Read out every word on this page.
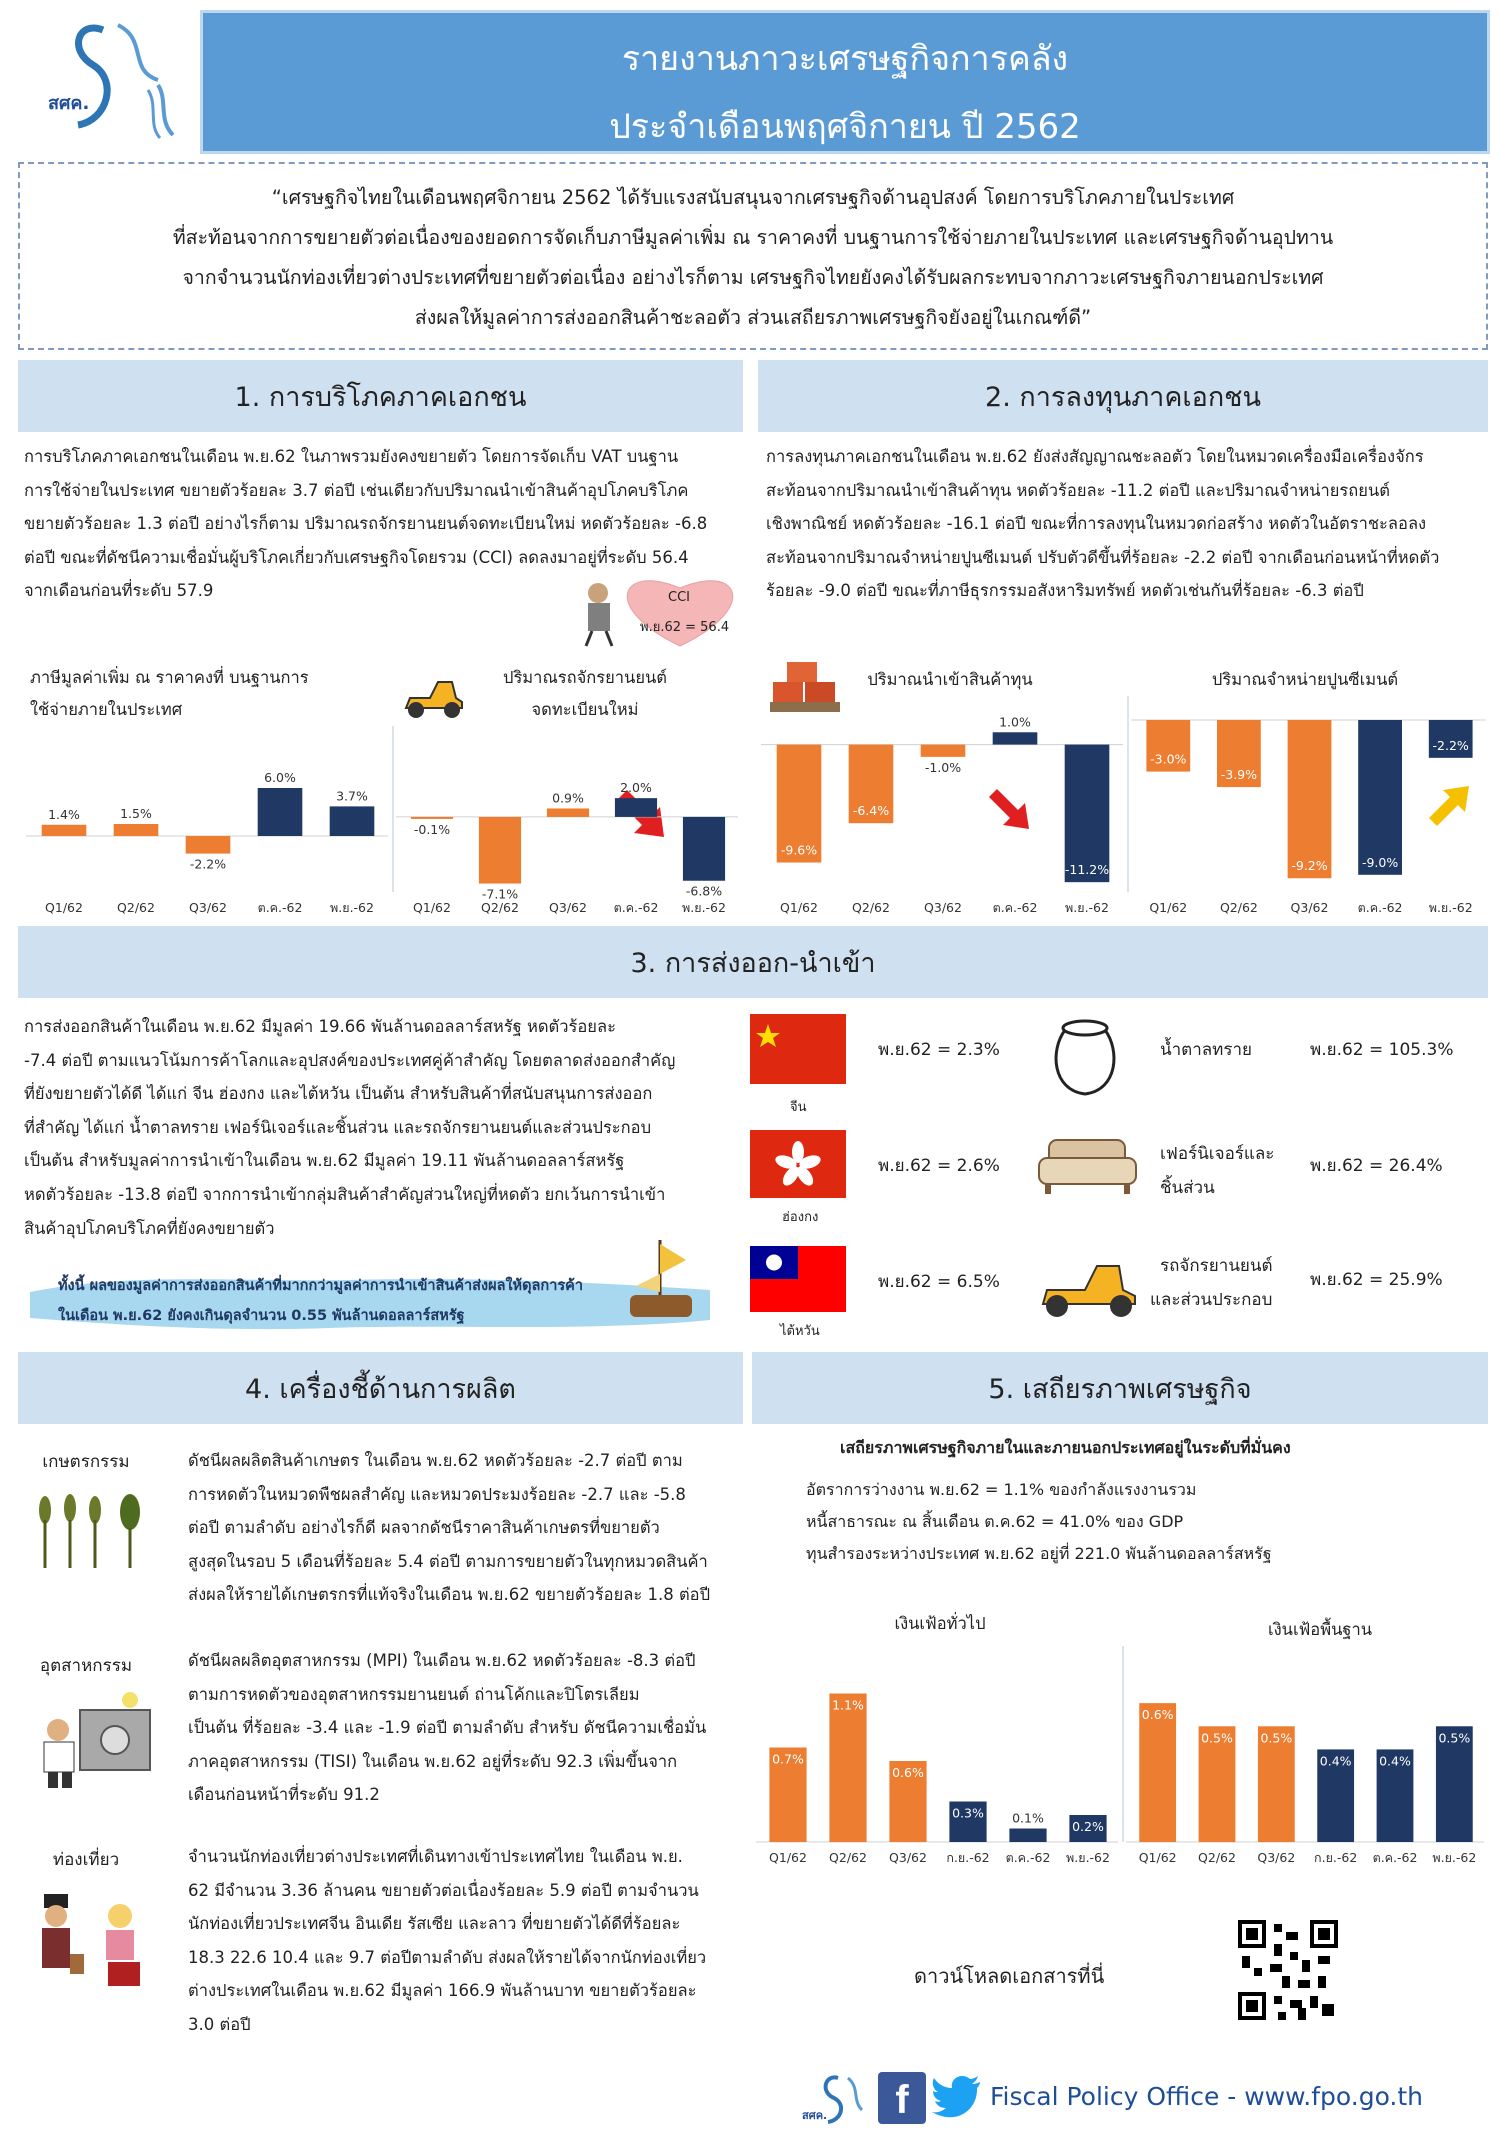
สศค.
รายงานภาวะเศรษฐกิจการคลัง
ประจำเดือนพฤศจิกายน ปี 2562

“เศรษฐกิจไทยในเดือนพฤศจิกายน 2562 ได้รับแรงสนับสนุนจากเศรษฐกิจด้านอุปสงค์ โดยการบริโภคภายในประเทศ

ที่สะท้อนจากการขยายตัวต่อเนื่องของยอดการจัดเก็บภาษีมูลค่าเพิ่ม ณ ราคาคงที่ บนฐานการใช้จ่ายภายในประเทศ และเศรษฐกิจด้านอุปทาน

จากจำนวนนักท่องเที่ยวต่างประเทศที่ขยายตัวต่อเนื่อง อย่างไรก็ตาม เศรษฐกิจไทยยังคงได้รับผลกระทบจากภาวะเศรษฐกิจภายนอกประเทศ

ส่งผลให้มูลค่าการส่งออกสินค้าชะลอตัว ส่วนเสถียรภาพเศรษฐกิจยังอยู่ในเกณฑ์ดี”

1. การบริโภคภาคเอกชน
การบริโภคภาคเอกชนในเดือน พ.ย.62 ในภาพรวมยังคงขยายตัว โดยการจัดเก็บ VAT บนฐาน
การใช้จ่ายในประเทศ ขยายตัวร้อยละ 3.7 ต่อปี เช่นเดียวกับปริมาณนำเข้าสินค้าอุปโภคบริโภค
ขยายตัวร้อยละ 1.3 ต่อปี อย่างไรก็ตาม ปริมาณรถจักรยานยนต์จดทะเบียนใหม่ หดตัวร้อยละ -6.8
ต่อปี ขณะที่ดัชนีความเชื่อมั่นผู้บริโภคเกี่ยวกับเศรษฐกิจโดยรวม (CCI) ลดลงมาอยู่ที่ระดับ 56.4
จากเดือนก่อนที่ระดับ 57.9	CCI
พ.ย.62 = 56.4
2. การลงทุนภาคเอกชน
การลงทุนภาคเอกชนในเดือน พ.ย.62 ยังส่งสัญญาณชะลอตัว โดยในหมวดเครื่องมือเครื่องจักร
สะท้อนจากปริมาณนำเข้าสินค้าทุน หดตัวร้อยละ -11.2 ต่อปี และปริมาณจำหน่ายรถยนต์
เชิงพาณิชย์ หดตัวร้อยละ -16.1 ต่อปี ขณะที่การลงทุนในหมวดก่อสร้าง หดตัวในอัตราชะลอลง
สะท้อนจากปริมาณจำหน่ายปูนซีเมนต์ ปรับตัวดีขึ้นที่ร้อยละ -2.2 ต่อปี จากเดือนก่อนหน้าที่หดตัว
ร้อยละ -9.0 ต่อปี ขณะที่ภาษีธุรกรรมอสังหาริมทรัพย์ หดตัวเช่นกันที่ร้อยละ -6.3 ต่อปี
ภาษีมูลค่าเพิ่ม ณ ราคาคงที่ บนฐานการ
ใช้จ่ายภายในประเทศ
ปริมาณรถจักรยานยนต์
จดทะเบียนใหม่
ปริมาณนำเข้าสินค้าทุน	ปริมาณจำหน่ายปูนซีเมนต์
1.4%
Q1/62
1.5%
Q2/62
-2.2%
Q3/62
6.0%
ต.ค.-62
3.7%
พ.ย.-62
-0.1%
Q1/62
-7.1%
Q2/62
0.9%
Q3/62
2.0%
ต.ค.-62
-6.8%
พ.ย.-62
-9.6%
Q1/62
-6.4%
Q2/62
-1.0%
Q3/62
1.0%
ต.ค.-62
-11.2%
พ.ย.-62
-3.0%
Q1/62
-3.9%
Q2/62
-9.2%
Q3/62
-9.0%
ต.ค.-62
-2.2%
พ.ย.-62
3. การส่งออก-นำเข้า
การส่งออกสินค้าในเดือน พ.ย.62 มีมูลค่า 19.66 พันล้านดอลลาร์สหรัฐ หดตัวร้อยละ
-7.4 ต่อปี ตามแนวโน้มการค้าโลกและอุปสงค์ของประเทศคู่ค้าสำคัญ โดยตลาดส่งออกสำคัญ
ที่ยังขยายตัวได้ดี ได้แก่ จีน ฮ่องกง และไต้หวัน เป็นต้น สำหรับสินค้าที่สนับสนุนการส่งออก
ที่สำคัญ ได้แก่ น้ำตาลทราย เฟอร์นิเจอร์และชิ้นส่วน และรถจักรยานยนต์และส่วนประกอบ
เป็นต้น สำหรับมูลค่าการนำเข้าในเดือน พ.ย.62 มีมูลค่า 19.11 พันล้านดอลลาร์สหรัฐ
หดตัวร้อยละ -13.8 ต่อปี จากการนำเข้ากลุ่มสินค้าสำคัญส่วนใหญ่ที่หดตัว ยกเว้นการนำเข้า
สินค้าอุปโภคบริโภคที่ยังคงขยายตัว
ทั้งนี้ ผลของมูลค่าการส่งออกสินค้าที่มากกว่ามูลค่าการนำเข้าสินค้าส่งผลให้ดุลการค้า
ในเดือน พ.ย.62 ยังคงเกินดุลจำนวน 0.55 พันล้านดอลลาร์สหรัฐ
จีน
พ.ย.62 = 2.3%
ฮ่องกง
พ.ย.62 = 2.6%
ไต้หวัน
พ.ย.62 = 6.5%
น้ำตาลทราย	พ.ย.62 = 105.3%
เฟอร์นิเจอร์และ
ชิ้นส่วน
พ.ย.62 = 26.4%
รถจักรยานยนต์
และส่วนประกอบ
พ.ย.62 = 25.9%
4. เครื่องชี้ด้านการผลิต
เกษตรกรรม	ดัชนีผลผลิตสินค้าเกษตร ในเดือน พ.ย.62 หดตัวร้อยละ -2.7 ต่อปี ตาม
การหดตัวในหมวดพืชผลสำคัญ และหมวดประมงร้อยละ -2.7 และ -5.8
ต่อปี ตามลำดับ อย่างไรก็ดี ผลจากดัชนีราคาสินค้าเกษตรที่ขยายตัว
สูงสุดในรอบ 5 เดือนที่ร้อยละ 5.4 ต่อปี ตามการขยายตัวในทุกหมวดสินค้า
ส่งผลให้รายได้เกษตรกรที่แท้จริงในเดือน พ.ย.62 ขยายตัวร้อยละ 1.8 ต่อปี
อุตสาหกรรม	ดัชนีผลผลิตอุตสาหกรรม (MPI) ในเดือน พ.ย.62 หดตัวร้อยละ -8.3 ต่อปี
ตามการหดตัวของอุตสาหกรรมยานยนต์ ถ่านโค้กและปิโตรเลียม
เป็นต้น ที่ร้อยละ -3.4 และ -1.9 ต่อปี ตามลำดับ สำหรับ ดัชนีความเชื่อมั่น
ภาคอุตสาหกรรม (TISI) ในเดือน พ.ย.62 อยู่ที่ระดับ 92.3 เพิ่มขึ้นจาก
เดือนก่อนหน้าที่ระดับ 91.2
ท่องเที่ยว	จำนวนนักท่องเที่ยวต่างประเทศที่เดินทางเข้าประเทศไทย ในเดือน พ.ย.
62 มีจำนวน 3.36 ล้านคน ขยายตัวต่อเนื่องร้อยละ 5.9 ต่อปี ตามจำนวน
นักท่องเที่ยวประเทศจีน อินเดีย รัสเซีย และลาว ที่ขยายตัวได้ดีที่ร้อยละ
18.3 22.6 10.4 และ 9.7 ต่อปีตามลำดับ ส่งผลให้รายได้จากนักท่องเที่ยว
ต่างประเทศในเดือน พ.ย.62 มีมูลค่า 166.9 พันล้านบาท ขยายตัวร้อยละ
3.0 ต่อปี
5. เสถียรภาพเศรษฐกิจ
เสถียรภาพเศรษฐกิจภายในและภายนอกประเทศอยู่ในระดับที่มั่นคง
อัตราการว่างงาน พ.ย.62 = 1.1% ของกำลังแรงงานรวม
หนี้สาธารณะ ณ สิ้นเดือน ต.ค.62 = 41.0% ของ GDP
ทุนสำรองระหว่างประเทศ พ.ย.62 อยู่ที่ 221.0 พันล้านดอลลาร์สหรัฐ
เงินเฟ้อทั่วไป	เงินเฟ้อพื้นฐาน
0.7%
Q1/62
1.1%
Q2/62
0.6%
Q3/62
0.3%
ก.ย.-62
0.1%
ต.ค.-62
0.2%
พ.ย.-62
0.6%
Q1/62
0.5%
Q2/62
0.5%
Q3/62
0.4%
ก.ย.-62
0.4%
ต.ค.-62
0.5%
พ.ย.-62
ดาวน์โหลดเอกสารที่นี่
สศค.	f	Fiscal Policy Office - www.fpo.go.th
